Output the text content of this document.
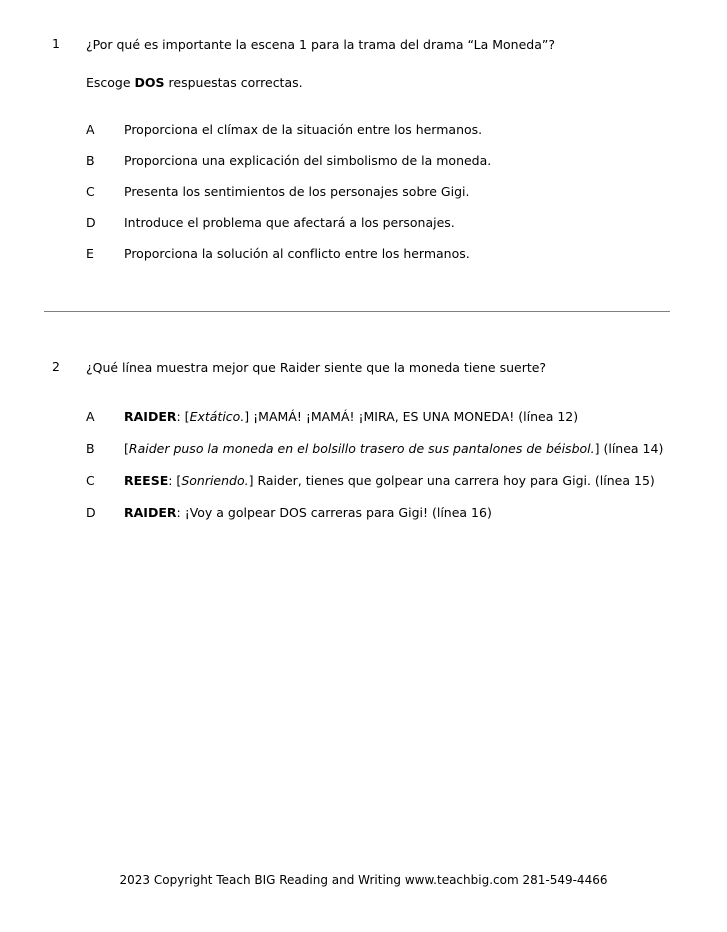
1 ¿Por qué es importante la escena 1 para la trama del drama “La Moneda”?
Escoge DOS respuestas correctas.
A Proporciona el clímax de la situación entre los hermanos.
B Proporciona una explicación del simbolismo de la moneda.
C Presenta los sentimientos de los personajes sobre Gigi.
D Introduce el problema que afectará a los personajes.
E Proporciona la solución al conflicto entre los hermanos.
2 ¿Qué línea muestra mejor que Raider siente que la moneda tiene suerte?
A RAIDER: [Extático.] ¡MAMÁ! ¡MAMÁ! ¡MIRA, ES UNA MONEDA! (línea 12)
B [Raider puso la moneda en el bolsillo trasero de sus pantalones de béisbol.] (línea 14)
C REESE: [Sonriendo.] Raider, tienes que golpear una carrera hoy para Gigi. (línea 15)
D RAIDER: ¡Voy a golpear DOS carreras para Gigi! (línea 16)
2023 Copyright Teach BIG Reading and Writing www.teachbig.com 281-549-4466
